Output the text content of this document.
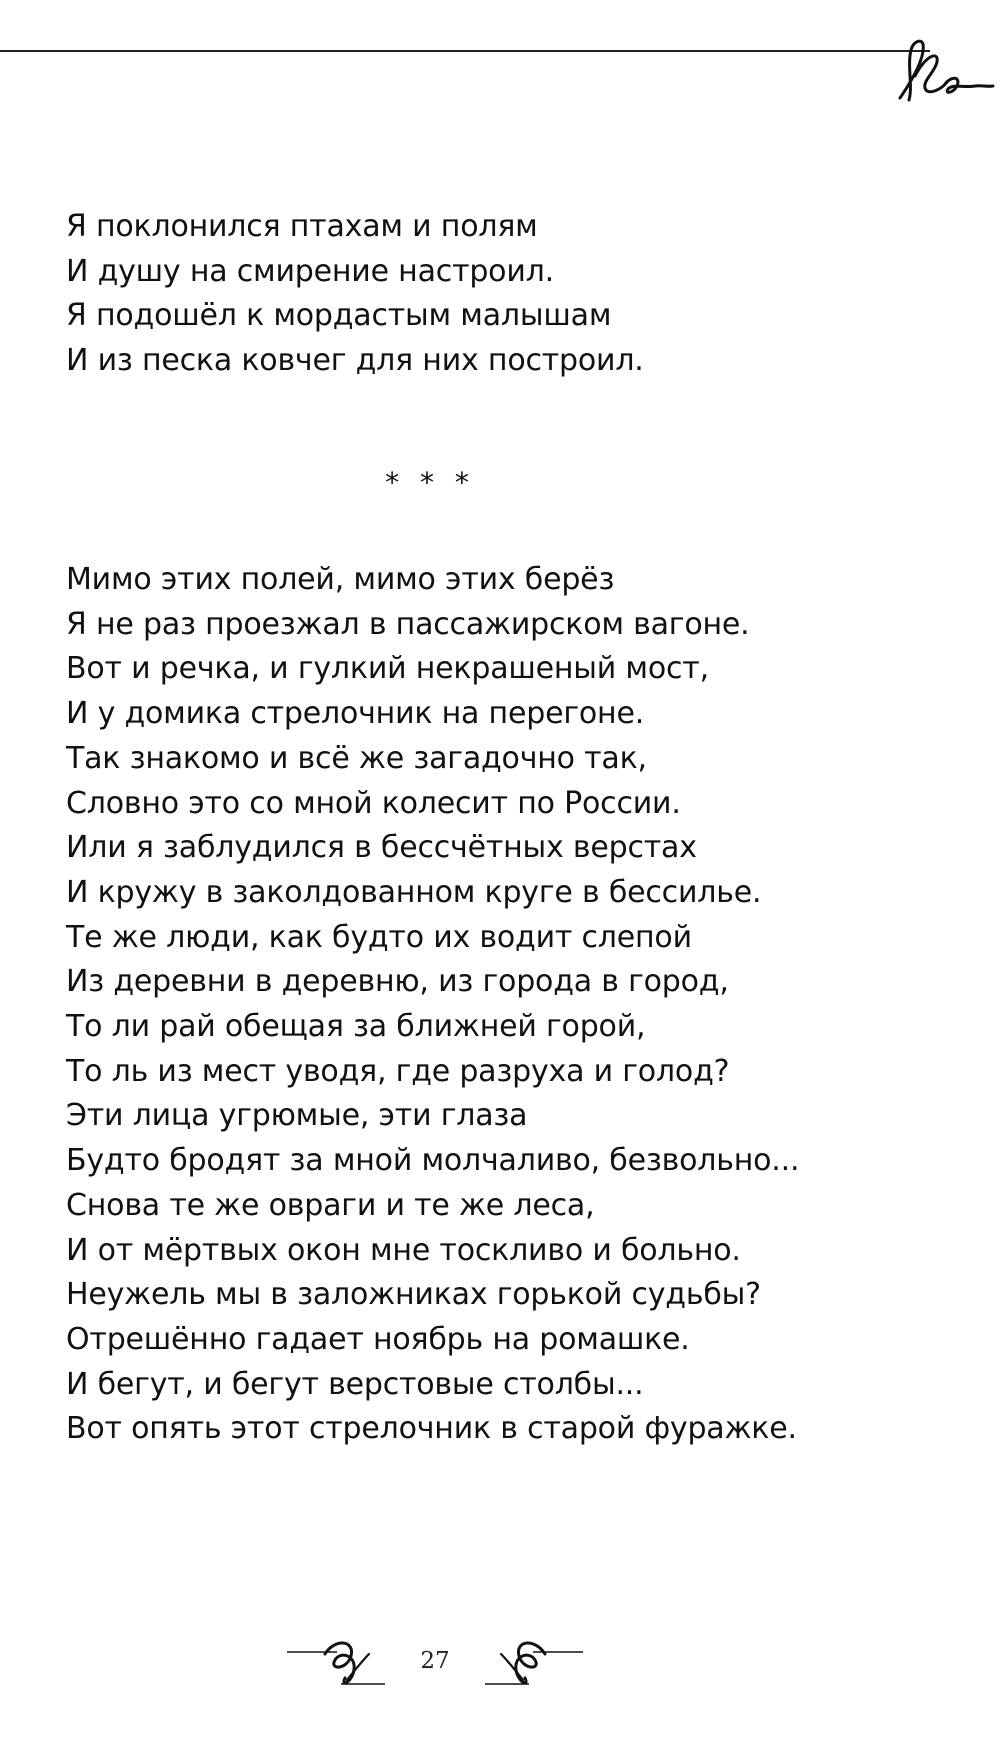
Я поклонился птахам и полям
И душу на смирение настроил.
Я подошёл к мордастым малышам
И из песка ковчег для них построил.
* * *
Мимо этих полей, мимо этих берёз
Я не раз проезжал в пассажирском вагоне.
Вот и речка, и гулкий некрашеный мост,
И у домика стрелочник на перегоне.
Так знакомо и всё же загадочно так,
Словно это со мной колесит по России.
Или я заблудился в бессчётных верстах
И кружу в заколдованном круге в бессилье.
Те же люди, как будто их водит слепой
Из деревни в деревню, из города в город,
То ли рай обещая за ближней горой,
То ль из мест уводя, где разруха и голод?
Эти лица угрюмые, эти глаза
Будто бродят за мной молчаливо, безвольно...
Снова те же овраги и те же леса,
И от мёртвых окон мне тоскливо и больно.
Неужель мы в заложниках горькой судьбы?
Отрешённо гадает ноябрь на ромашке.
И бегут, и бегут верстовые столбы...
Вот опять этот стрелочник в старой фуражке.
27
